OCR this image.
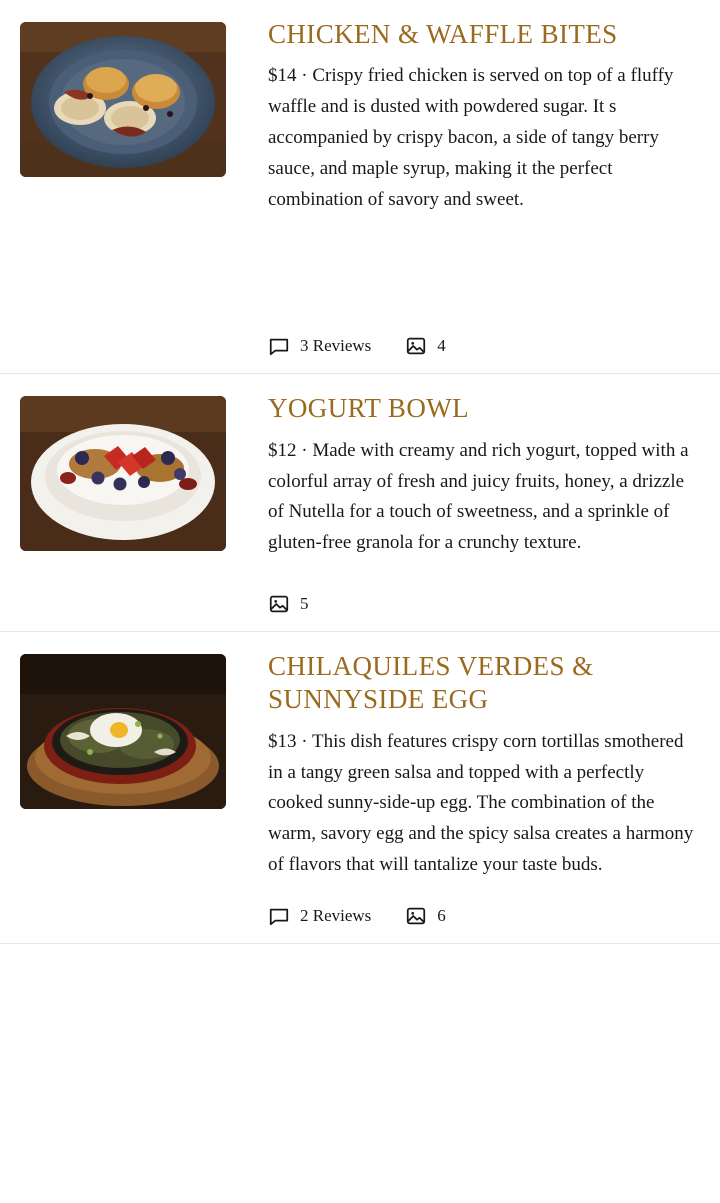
CHICKEN & WAFFLE BITES

$14 · Crispy fried chicken is served on top of a fluffy waffle and is dusted with powdered sugar. It s accompanied by crispy bacon, a side of tangy berry sauce, and maple syrup, making it the perfect combination of savory and sweet.

3 Reviews	4
YOGURT BOWL

$12 · Made with creamy and rich yogurt, topped with a colorful array of fresh and juicy fruits, honey, a drizzle of Nutella for a touch of sweetness, and a sprinkle of gluten-free granola for a crunchy texture.

5
CHILAQUILES VERDES & SUNNYSIDE EGG

$13 · This dish features crispy corn tortillas smothered in a tangy green salsa and topped with a perfectly cooked sunny-side-up egg. The combination of the warm, savory egg and the spicy salsa creates a harmony of flavors that will tantalize your taste buds.

2 Reviews	6
